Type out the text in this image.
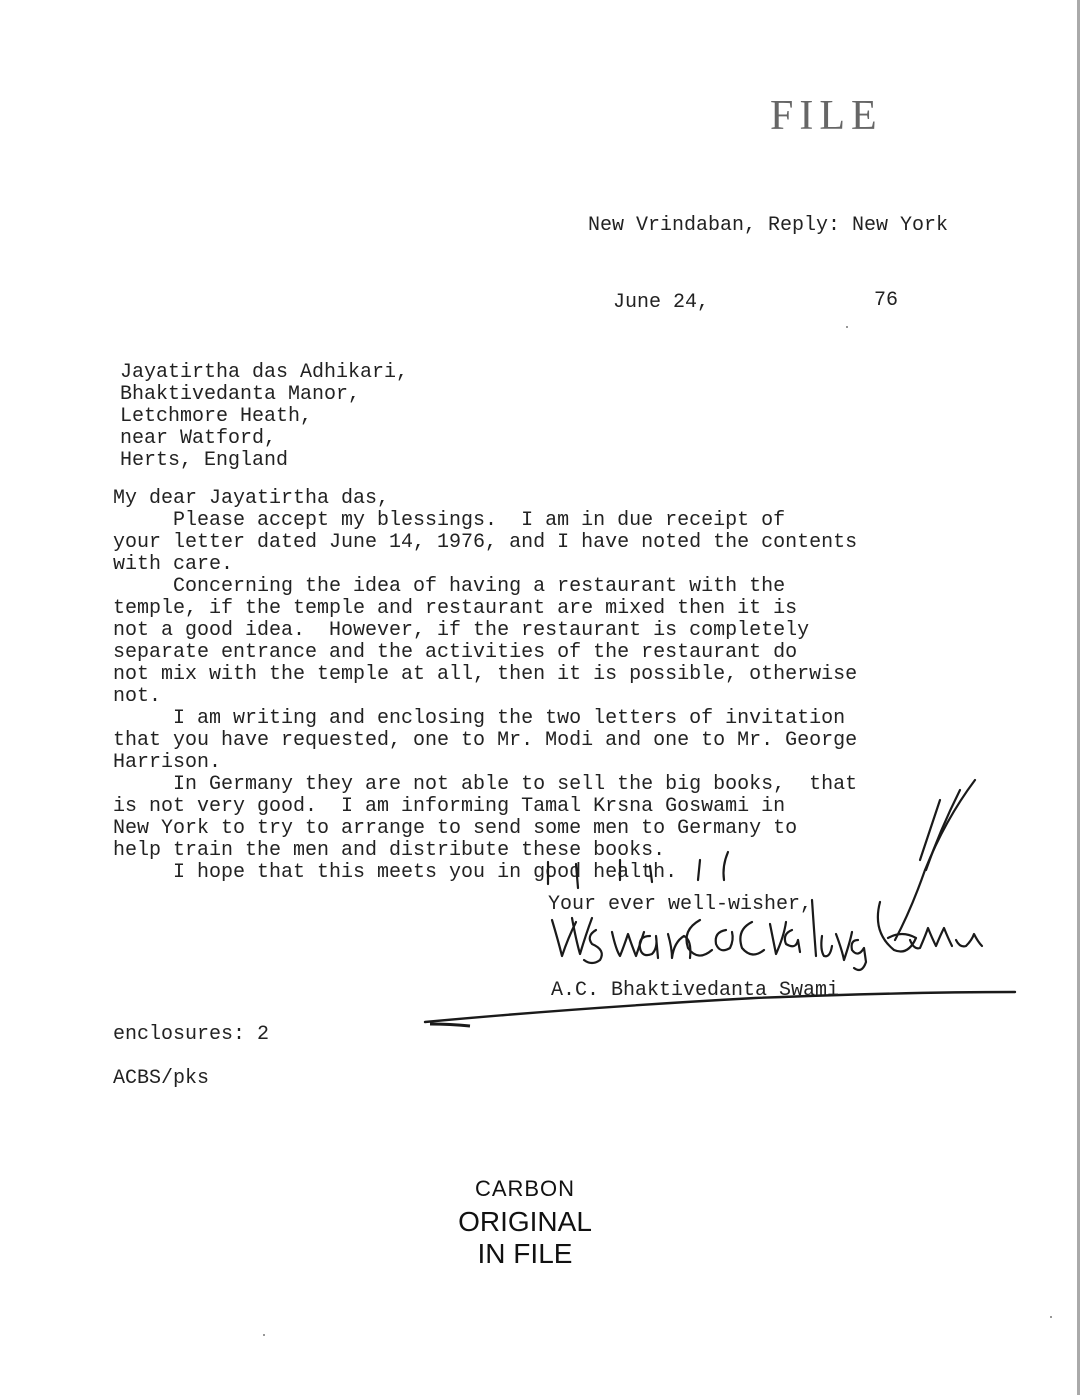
FILE
New Vrindaban, Reply: New York
June 24,	76
Jayatirtha das Adhikari,
Bhaktivedanta Manor,
Letchmore Heath,
near Watford,
Herts, England
My dear Jayatirtha das,
Please accept my blessings.  I am in due receipt of
your letter dated June 14, 1976, and I have noted the contents
with care.
Concerning the idea of having a restaurant with the
temple, if the temple and restaurant are mixed then it is
not a good idea.  However, if the restaurant is completely
separate entrance and the activities of the restaurant do
not mix with the temple at all, then it is possible, otherwise
not.
I am writing and enclosing the two letters of invitation
that you have requested, one to Mr. Modi and one to Mr. George
Harrison.
In Germany they are not able to sell the big books,  that
is not very good.  I am informing Tamal Krsna Goswami in
New York to try to arrange to send some men to Germany to
help train the men and distribute these books.
I hope that this meets you in good health.
Your ever well-wisher,
A.C. Bhaktivedanta Swami
enclosures: 2
ACBS/pks
CARBON
ORIGINAL
IN FILE
